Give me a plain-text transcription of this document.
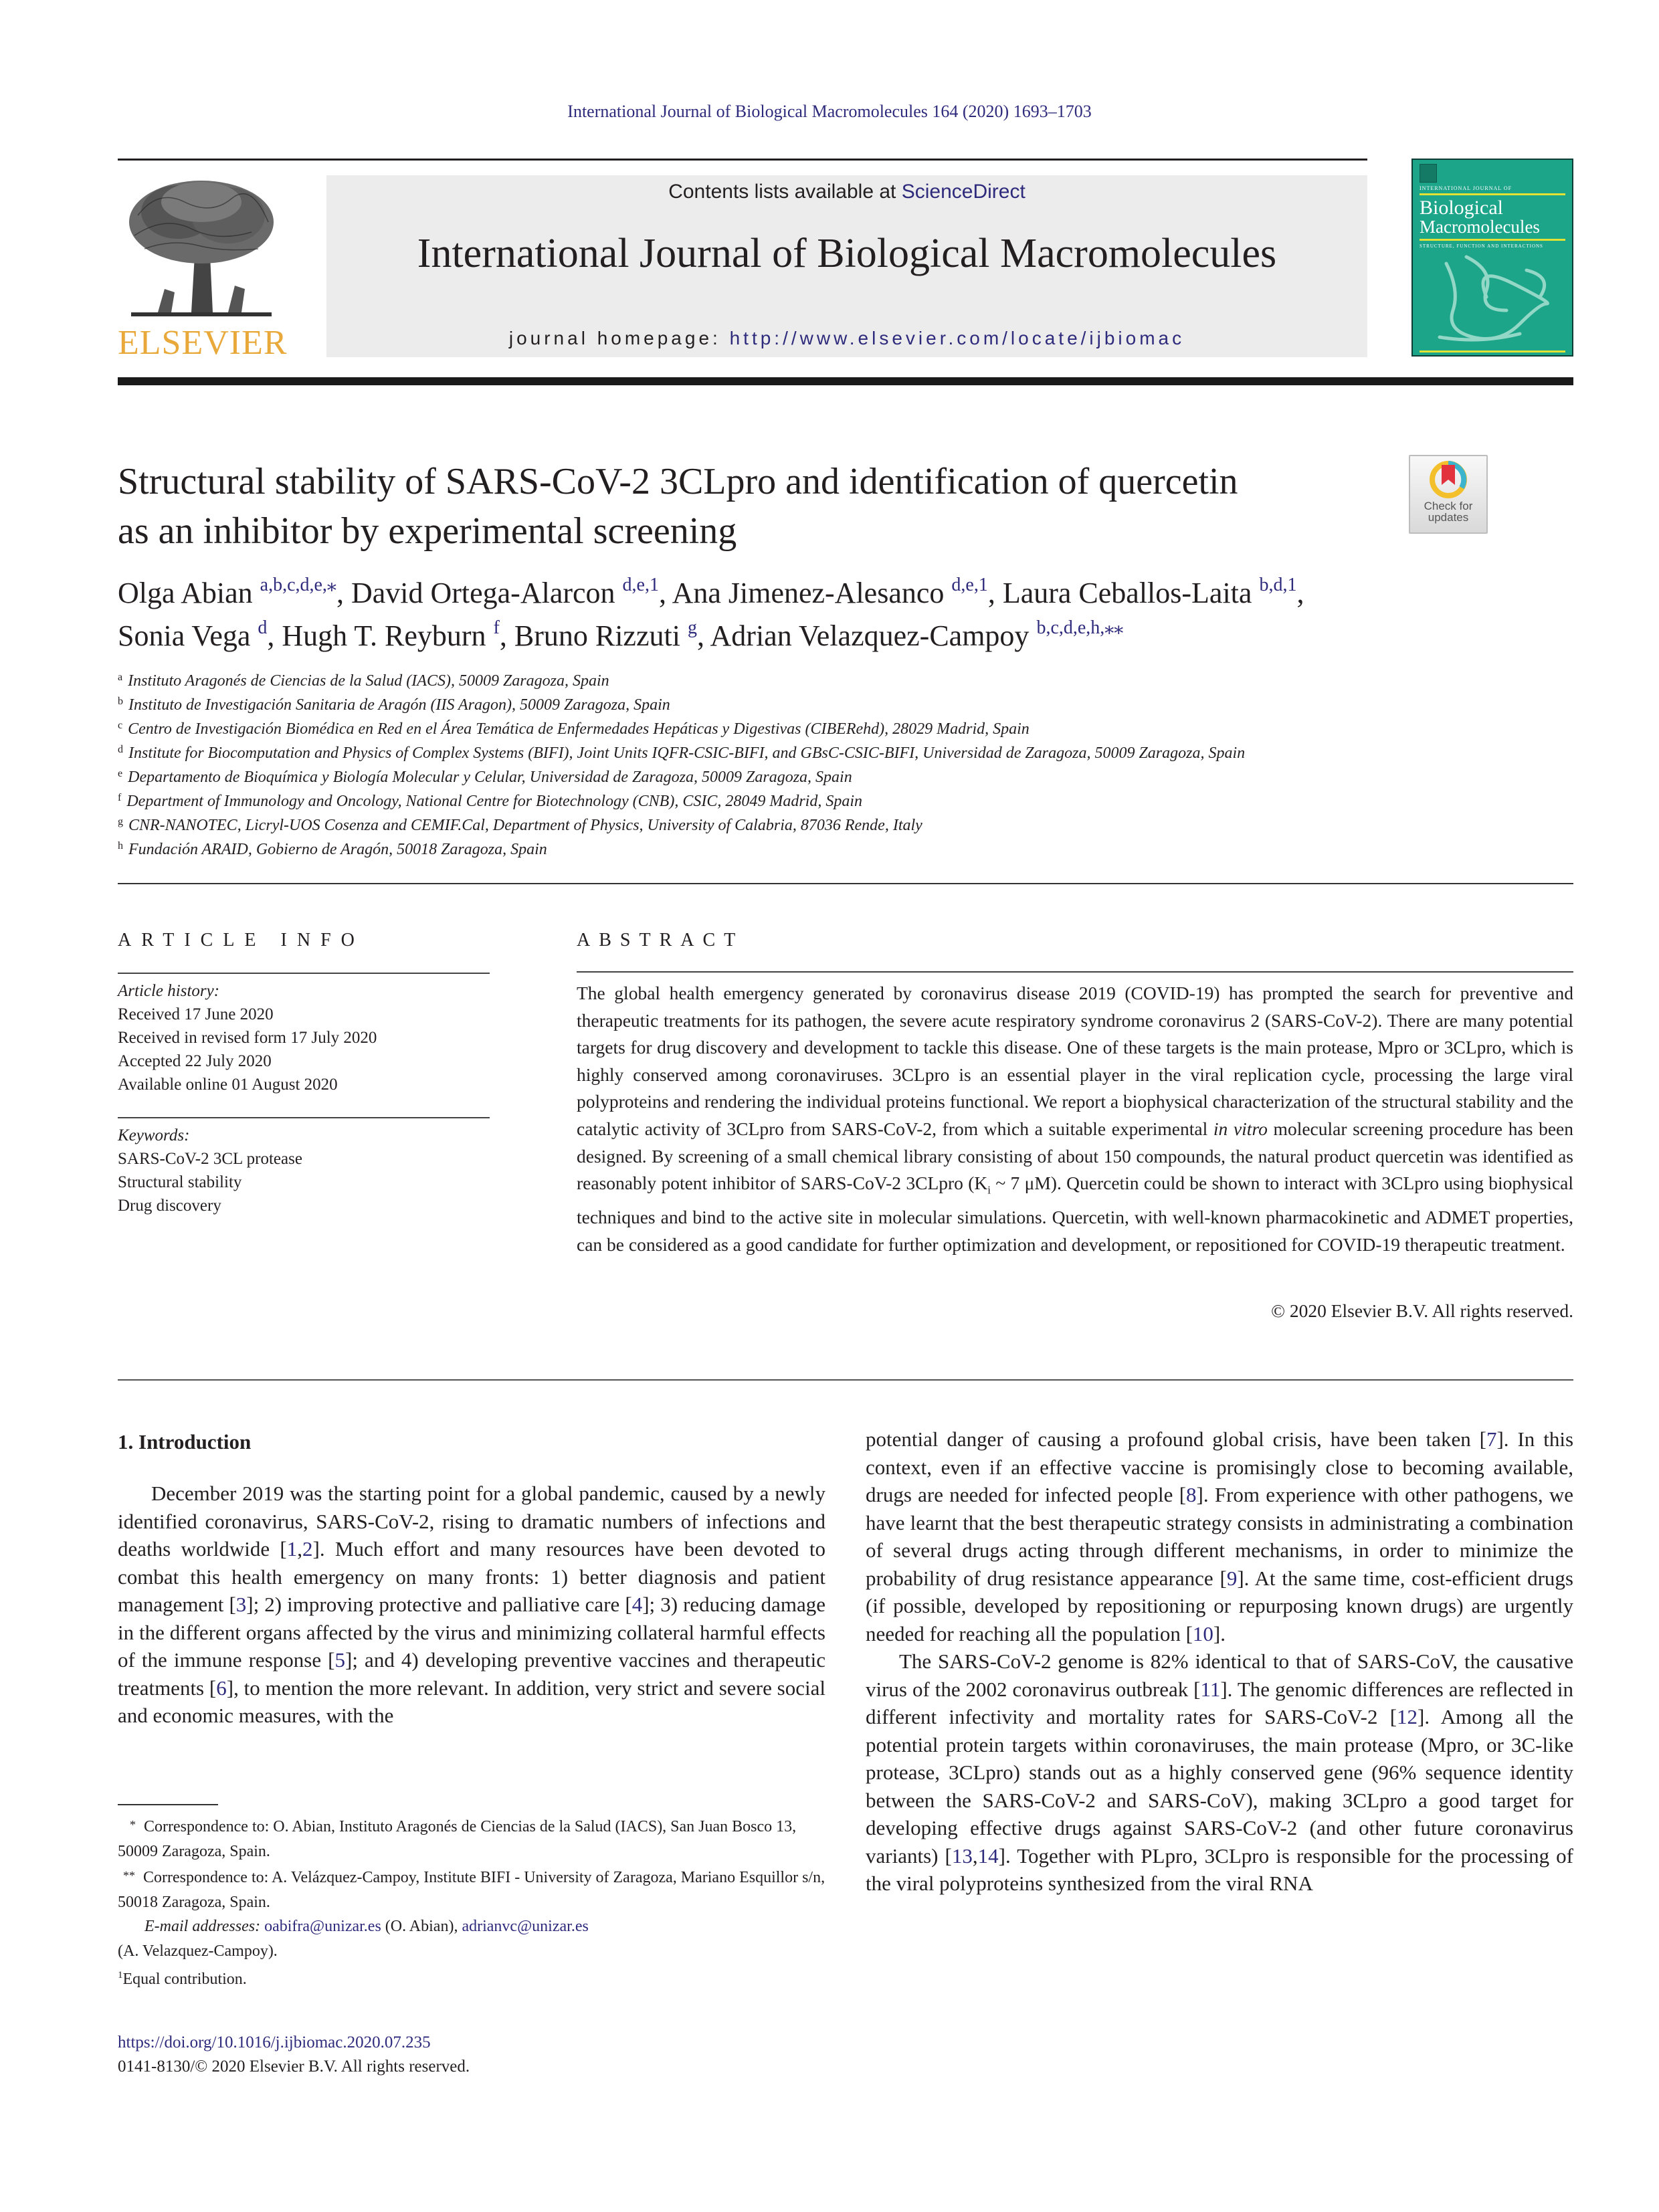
International Journal of Biological Macromolecules 164 (2020) 1693–1703
ELSEVIER
Contents lists available at ScienceDirect
International Journal of Biological Macromolecules
journal homepage: http://www.elsevier.com/locate/ijbiomac
INTERNATIONAL JOURNAL OF
Biological
Macromolecules
STRUCTURE, FUNCTION AND INTERACTIONS
Structural stability of SARS-CoV-2 3CLpro and identification of quercetin
as an inhibitor by experimental screening
Check for
updates
Olga Abian $^{a,b,c,d,e,⁎}$, David Ortega-Alarcon $^{d,e,1}$, Ana Jimenez-Alesanco $^{d,e,1}$, Laura Ceballos-Laita $^{b,d,1}$,
Sonia Vega $^d$, Hugh T. Reyburn $^f$, Bruno Rizzuti $^g$, Adrian Velazquez-Campoy $^{b,c,d,e,h,⁎⁎}$
$^a$ Instituto Aragonés de Ciencias de la Salud (IACS), 50009 Zaragoza, Spain
$^b$ Instituto de Investigación Sanitaria de Aragón (IIS Aragon), 50009 Zaragoza, Spain
$^c$ Centro de Investigación Biomédica en Red en el Área Temática de Enfermedades Hepáticas y Digestivas (CIBERehd), 28029 Madrid, Spain
$^d$ Institute for Biocomputation and Physics of Complex Systems (BIFI), Joint Units IQFR-CSIC-BIFI, and GBsC-CSIC-BIFI, Universidad de Zaragoza, 50009 Zaragoza, Spain
$^e$ Departamento de Bioquímica y Biología Molecular y Celular, Universidad de Zaragoza, 50009 Zaragoza, Spain
$^f$ Department of Immunology and Oncology, National Centre for Biotechnology (CNB), CSIC, 28049 Madrid, Spain
$^g$ CNR-NANOTEC, Licryl-UOS Cosenza and CEMIF.Cal, Department of Physics, University of Calabria, 87036 Rende, Italy
$^h$ Fundación ARAID, Gobierno de Aragón, 50018 Zaragoza, Spain
ARTICLE INFO
Article history:
Received 17 June 2020
Received in revised form 17 July 2020
Accepted 22 July 2020
Available online 01 August 2020
Keywords:
SARS-CoV-2 3CL protease
Structural stability
Drug discovery
ABSTRACT
The global health emergency generated by coronavirus disease 2019 (COVID-19) has prompted the search for preventive and therapeutic treatments for its pathogen, the severe acute respiratory syndrome coronavirus 2 (SARS-CoV-2). There are many potential targets for drug discovery and development to tackle this disease. One of these targets is the main protease, Mpro or 3CLpro, which is highly conserved among coronaviruses. 3CLpro is an essential player in the viral replication cycle, processing the large viral polyproteins and rendering the individual proteins functional. We report a biophysical characterization of the structural stability and the catalytic activity of 3CLpro from SARS-CoV-2, from which a suitable experimental in vitro molecular screening procedure has been designed. By screening of a small chemical library consisting of about 150 compounds, the natural product quercetin was identified as reasonably potent inhibitor of SARS-CoV-2 3CLpro ($K_i$ ~ 7 μM). Quercetin could be shown to interact with 3CLpro using biophysical techniques and bind to the active site in molecular simulations. Quercetin, with well-known pharmacokinetic and ADMET properties, can be considered as a good candidate for further optimization and development, or repositioned for COVID-19 therapeutic treatment.
© 2020 Elsevier B.V. All rights reserved.
1. Introduction

December 2019 was the starting point for a global pandemic, caused by a newly identified coronavirus, SARS-CoV-2, rising to dramatic numbers of infections and deaths worldwide [1,2]. Much effort and many resources have been devoted to combat this health emergency on many fronts: 1) better diagnosis and patient management [3]; 2) improving protective and palliative care [4]; 3) reducing damage in the different organs affected by the virus and minimizing collateral harmful effects of the immune response [5]; and 4) developing preventive vaccines and therapeutic treatments [6], to mention the more relevant. In addition, very strict and severe social and economic measures, with the

potential danger of causing a profound global crisis, have been taken [7]. In this context, even if an effective vaccine is promisingly close to becoming available, drugs are needed for infected people [8]. From experience with other pathogens, we have learnt that the best therapeutic strategy consists in administrating a combination of several drugs acting through different mechanisms, in order to minimize the probability of drug resistance appearance [9]. At the same time, cost-efficient drugs (if possible, developed by repositioning or repurposing known drugs) are urgently needed for reaching all the population [10].

The SARS-CoV-2 genome is 82% identical to that of SARS-CoV, the causative virus of the 2002 coronavirus outbreak [11]. The genomic differences are reflected in different infectivity and mortality rates for SARS-CoV-2 [12]. Among all the potential protein targets within coronaviruses, the main protease (Mpro, or 3C-like protease, 3CLpro) stands out as a highly conserved gene (96% sequence identity between the SARS-CoV-2 and SARS-CoV), making 3CLpro a good target for developing effective drugs against SARS-CoV-2 (and other future coronavirus variants) [13,14]. Together with PLpro, 3CLpro is responsible for the processing of the viral polyproteins synthesized from the viral RNA

* Correspondence to: O. Abian, Instituto Aragonés de Ciencias de la Salud (IACS), San Juan Bosco 13, 50009 Zaragoza, Spain.
** Correspondence to: A. Velázquez-Campoy, Institute BIFI - University of Zaragoza, Mariano Esquillor s/n, 50018 Zaragoza, Spain.
E-mail addresses: oabifra@unizar.es (O. Abian), adrianvc@unizar.es
(A. Velazquez-Campoy).
$^1$Equal contribution.
https://doi.org/10.1016/j.ijbiomac.2020.07.235
0141-8130/© 2020 Elsevier B.V. All rights reserved.
